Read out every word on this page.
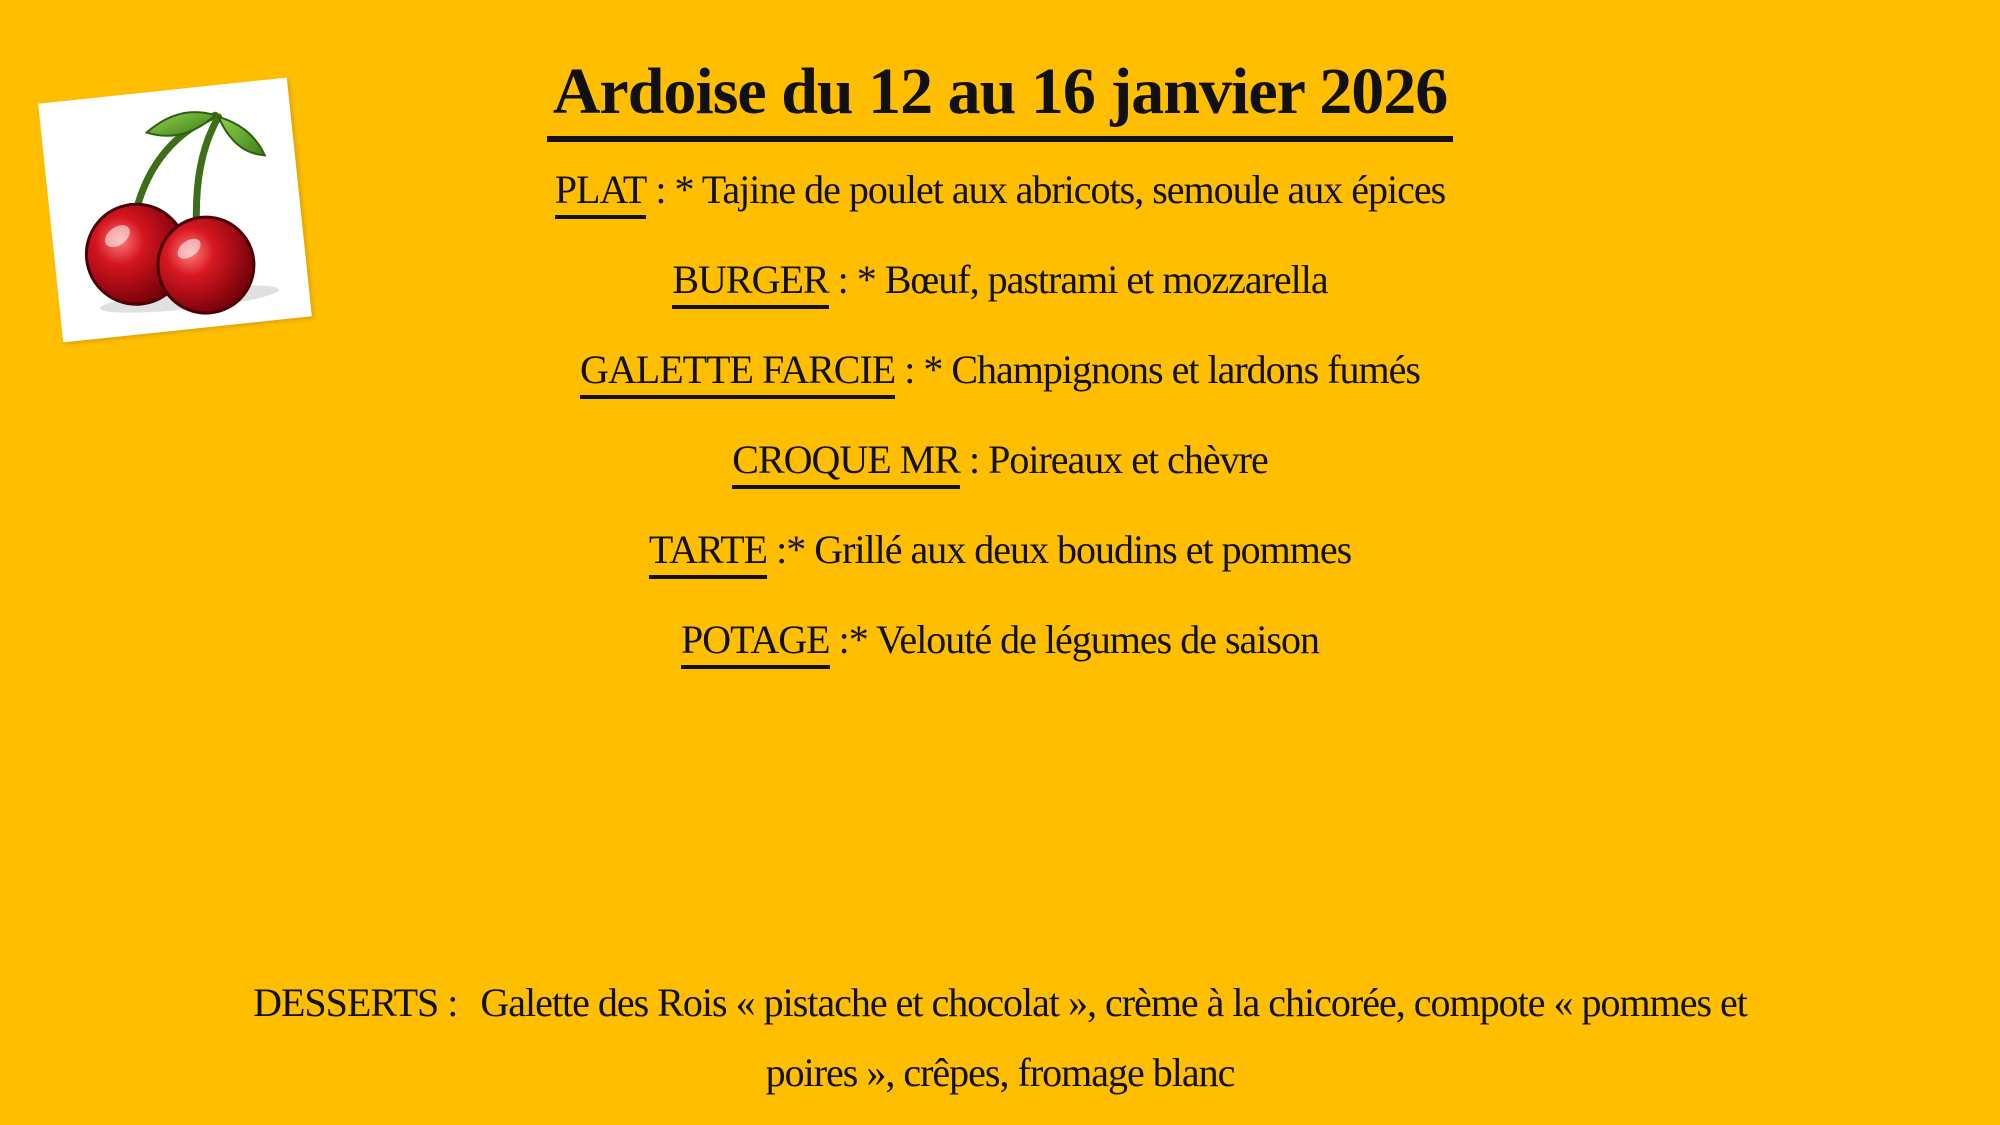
Ardoise du 12 au 16 janvier 2026
PLAT : * Tajine de poulet aux abricots, semoule aux épices
BURGER : * Bœuf, pastrami et mozzarella
GALETTE FARCIE : * Champignons et lardons fumés
CROQUE MR : Poireaux et chèvre
TARTE :* Grillé aux deux boudins et pommes
POTAGE :* Velouté de légumes de saison
DESSERTS : Galette des Rois « pistache et chocolat », crème à la chicorée, compote « pommes et poires », crêpes, fromage blanc
